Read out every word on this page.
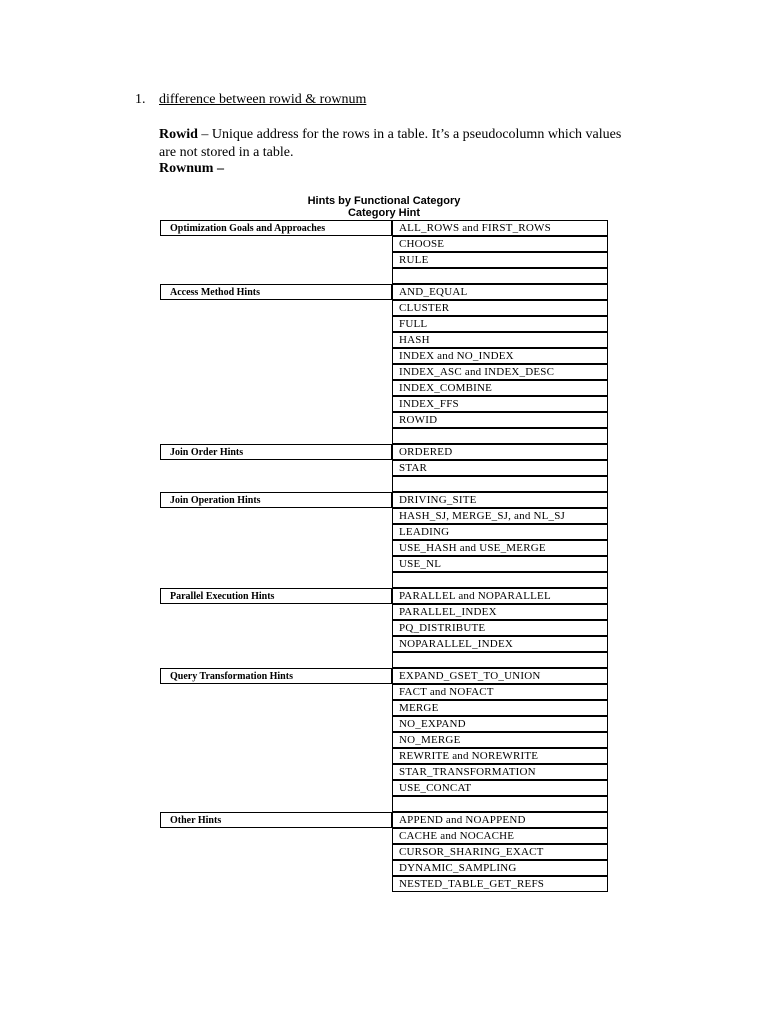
1. difference between rowid & rownum
Rowid – Unique address for the rows in a table. It’s a pseudocolumn which values are not stored in a table.
Rownum –
Hints by Functional Category
Category Hint
Optimization Goals and Approaches	ALL_ROWS and FIRST_ROWS
CHOOSE
RULE
Access Method Hints	AND_EQUAL
CLUSTER
FULL
HASH
INDEX and NO_INDEX
INDEX_ASC and INDEX_DESC
INDEX_COMBINE
INDEX_FFS
ROWID
Join Order Hints	ORDERED
STAR
Join Operation Hints	DRIVING_SITE
HASH_SJ, MERGE_SJ, and NL_SJ
LEADING
USE_HASH and USE_MERGE
USE_NL
Parallel Execution Hints	PARALLEL and NOPARALLEL
PARALLEL_INDEX
PQ_DISTRIBUTE
NOPARALLEL_INDEX
Query Transformation Hints	EXPAND_GSET_TO_UNION
FACT and NOFACT
MERGE
NO_EXPAND
NO_MERGE
REWRITE and NOREWRITE
STAR_TRANSFORMATION
USE_CONCAT
Other Hints	APPEND and NOAPPEND
CACHE and NOCACHE
CURSOR_SHARING_EXACT
DYNAMIC_SAMPLING
NESTED_TABLE_GET_REFS
